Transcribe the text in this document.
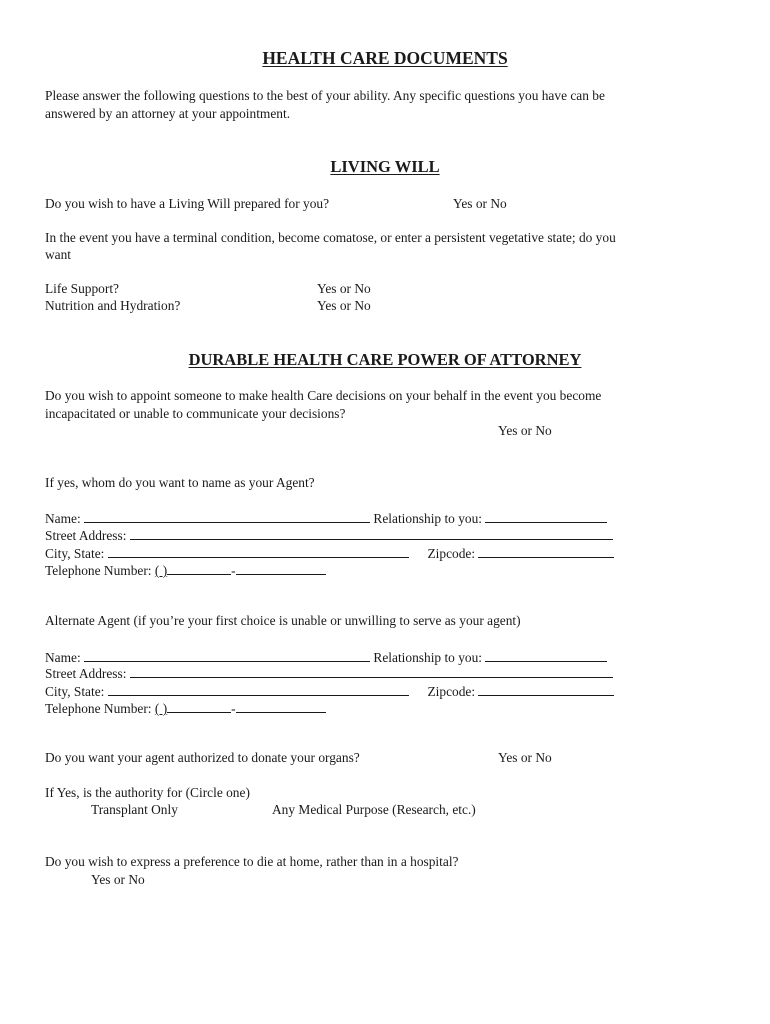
HEALTH CARE DOCUMENTS
Please answer the following questions to the best of your ability. Any specific questions you have can be
answered by an attorney at your appointment.
LIVING WILL
Do you wish to have a Living Will prepared for you?	Yes or No
In the event you have a terminal condition, become comatose, or enter a persistent vegetative state; do you
want
Life Support?	Yes or No
Nutrition and Hydration?	Yes or No
DURABLE HEALTH CARE POWER OF ATTORNEY
Do you wish to appoint someone to make health Care decisions on your behalf in the event you become
incapacitated or unable to communicate your decisions?
Yes or No
If yes, whom do you want to name as your Agent?
Name:	Relationship to you:
Street Address:
City, State:	Zipcode:
Telephone Number: ( )	-
Alternate Agent (if you’re your first choice is unable or unwilling to serve as your agent)
Name:	Relationship to you:
Street Address:
City, State:	Zipcode:
Telephone Number: ( )	-
Do you want your agent authorized to donate your organs?	Yes or No
If Yes, is the authority for (Circle one)
Transplant Only	Any Medical Purpose (Research, etc.)
Do you wish to express a preference to die at home, rather than in a hospital?
Yes or No
